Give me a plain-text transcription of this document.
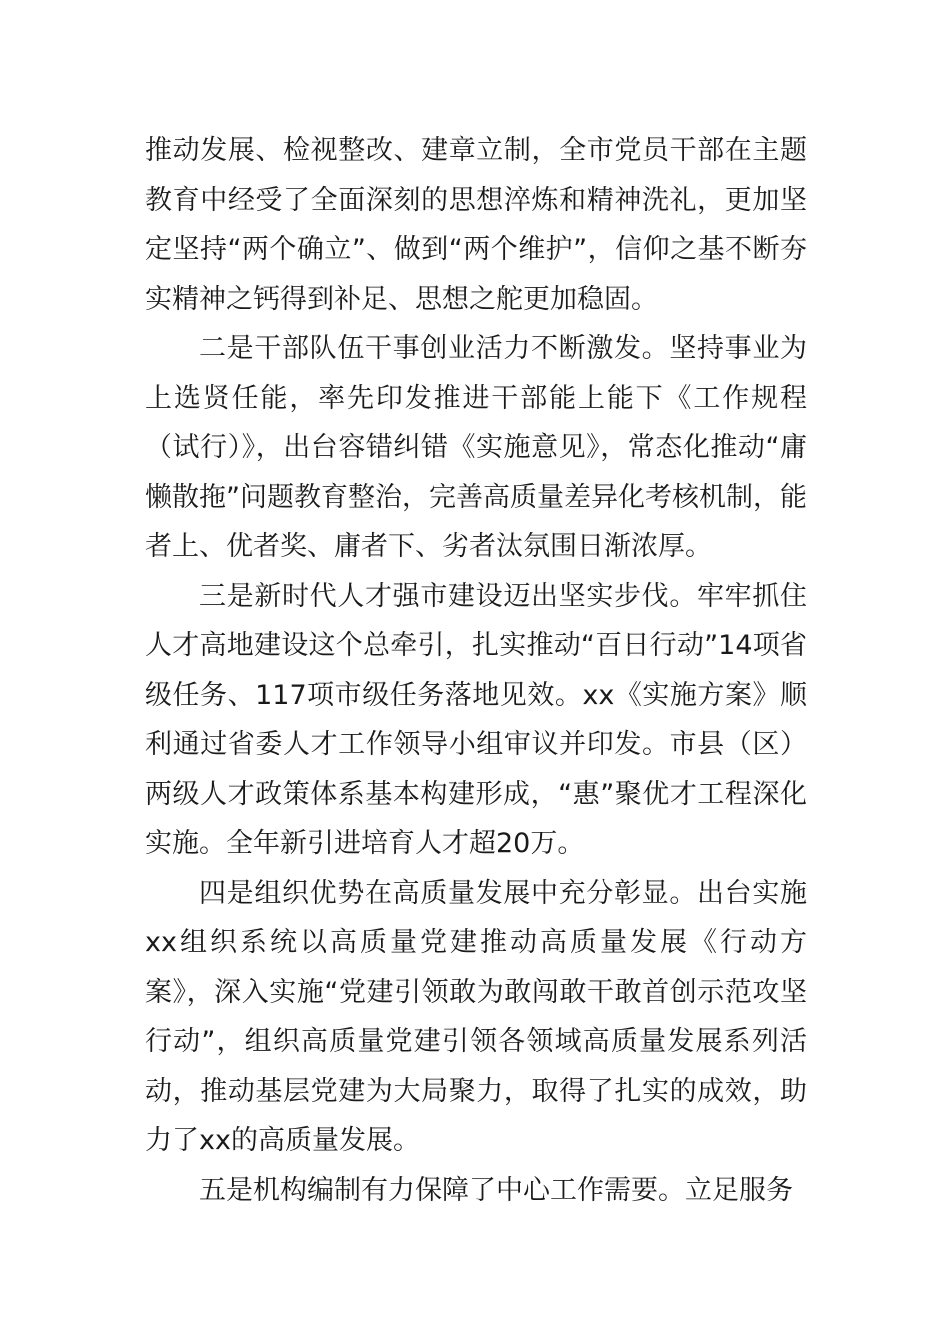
推动发展、检视整改、建章立制，全市党员干部在主题教育中经受了全面深刻的思想淬炼和精神洗礼，更加坚定坚持“两个确立”、做到“两个维护”，信仰之基不断夯实精神之钙得到补足、思想之舵更加稳固。

二是干部队伍干事创业活力不断激发。坚持事业为上选贤任能，率先印发推进干部能上能下《工作规程（试行）》，出台容错纠错《实施意见》，常态化推动“庸懒散拖”问题教育整治，完善高质量差异化考核机制，能者上、优者奖、庸者下、劣者汰氛围日渐浓厚。

三是新时代人才强市建设迈出坚实步伐。牢牢抓住人才高地建设这个总牵引，扎实推动“百日行动”14项省级任务、117项市级任务落地见效。xx《实施方案》顺利通过省委人才工作领导小组审议并印发。市县（区）两级人才政策体系基本构建形成，“惠”聚优才工程深化实施。全年新引进培育人才超20万。

四是组织优势在高质量发展中充分彰显。出台实施xx组织系统以高质量党建推动高质量发展《行动方案》，深入实施“党建引领敢为敢闯敢干敢首创示范攻坚行动”，组织高质量党建引领各领域高质量发展系列活动，推动基层党建为大局聚力，取得了扎实的成效，助力了xx的高质量发展。

五是机构编制有力保障了中心工作需要。立足服务
